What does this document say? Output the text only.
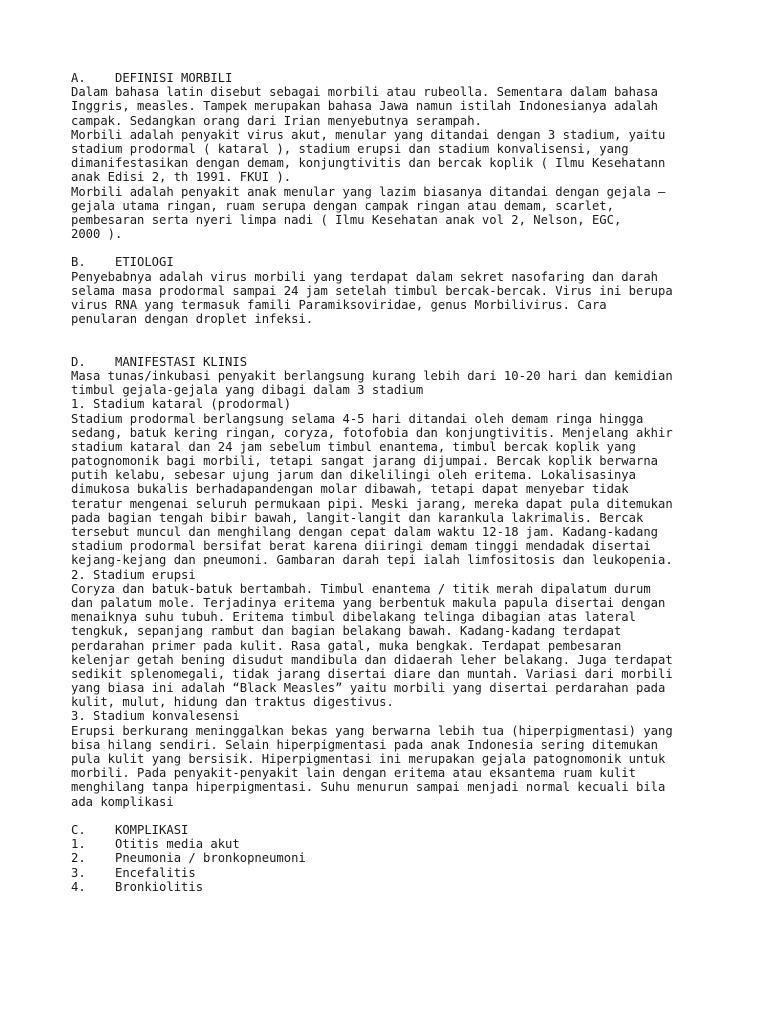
A.	DEFINISI MORBILI
Dalam bahasa latin disebut sebagai morbili atau rubeolla. Sementara dalam bahasa
Inggris, measles. Tampek merupakan bahasa Jawa namun istilah Indonesianya adalah
campak. Sedangkan orang dari Irian menyebutnya serampah.
Morbili adalah penyakit virus akut, menular yang ditandai dengan 3 stadium, yaitu
stadium prodormal ( kataral ), stadium erupsi dan stadium konvalisensi, yang
dimanifestasikan dengan demam, konjungtivitis dan bercak koplik ( Ilmu Kesehatann
anak Edisi 2, th 1991. FKUI ).
Morbili adalah penyakit anak menular yang lazim biasanya ditandai dengan gejala –
gejala utama ringan, ruam serupa dengan campak ringan atau demam, scarlet,
pembesaran serta nyeri limpa nadi ( Ilmu Kesehatan anak vol 2, Nelson, EGC,
2000 ).
B.	ETIOLOGI
Penyebabnya adalah virus morbili yang terdapat dalam sekret nasofaring dan darah
selama masa prodormal sampai 24 jam setelah timbul bercak-bercak. Virus ini berupa
virus RNA yang termasuk famili Paramiksoviridae, genus Morbilivirus. Cara
penularan dengan droplet infeksi.
D.	MANIFESTASI KLINIS
Masa tunas/inkubasi penyakit berlangsung kurang lebih dari 10-20 hari dan kemidian
timbul gejala-gejala yang dibagi dalam 3 stadium
1. Stadium kataral (prodormal)
Stadium prodormal berlangsung selama 4-5 hari ditandai oleh demam ringa hingga
sedang, batuk kering ringan, coryza, fotofobia dan konjungtivitis. Menjelang akhir
stadium kataral dan 24 jam sebelum timbul enantema, timbul bercak koplik yang
patognomonik bagi morbili, tetapi sangat jarang dijumpai. Bercak koplik berwarna
putih kelabu, sebesar ujung jarum dan dikelilingi oleh eritema. Lokalisasinya
dimukosa bukalis berhadapandengan molar dibawah, tetapi dapat menyebar tidak
teratur mengenai seluruh permukaan pipi. Meski jarang, mereka dapat pula ditemukan
pada bagian tengah bibir bawah, langit-langit dan karankula lakrimalis. Bercak
tersebut muncul dan menghilang dengan cepat dalam waktu 12-18 jam. Kadang-kadang
stadium prodormal bersifat berat karena diiringi demam tinggi mendadak disertai
kejang-kejang dan pneumoni. Gambaran darah tepi ialah limfositosis dan leukopenia.
2. Stadium erupsi
Coryza dan batuk-batuk bertambah. Timbul enantema / titik merah dipalatum durum
dan palatum mole. Terjadinya eritema yang berbentuk makula papula disertai dengan
menaiknya suhu tubuh. Eritema timbul dibelakang telinga dibagian atas lateral
tengkuk, sepanjang rambut dan bagian belakang bawah. Kadang-kadang terdapat
perdarahan primer pada kulit. Rasa gatal, muka bengkak. Terdapat pembesaran
kelenjar getah bening disudut mandibula dan didaerah leher belakang. Juga terdapat
sedikit splenomegali, tidak jarang disertai diare dan muntah. Variasi dari morbili
yang biasa ini adalah “Black Measles” yaitu morbili yang disertai perdarahan pada
kulit, mulut, hidung dan traktus digestivus.
3. Stadium konvalesensi
Erupsi berkurang meninggalkan bekas yang berwarna lebih tua (hiperpigmentasi) yang
bisa hilang sendiri. Selain hiperpigmentasi pada anak Indonesia sering ditemukan
pula kulit yang bersisik. Hiperpigmentasi ini merupakan gejala patognomonik untuk
morbili. Pada penyakit-penyakit lain dengan eritema atau eksantema ruam kulit
menghilang tanpa hiperpigmentasi. Suhu menurun sampai menjadi normal kecuali bila
ada komplikasi
C.	KOMPLIKASI
1.	Otitis media akut
2.	Pneumonia / bronkopneumoni
3.	Encefalitis
4.	Bronkiolitis
